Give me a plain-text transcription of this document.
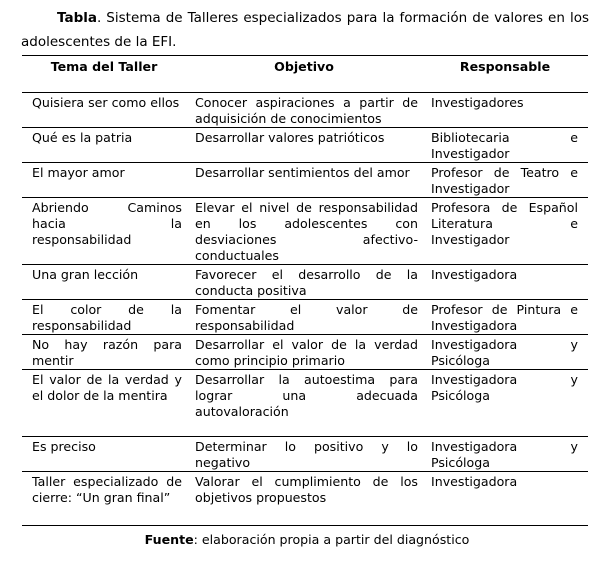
Tabla. Sistema de Talleres especializados para la formación de valores en los adolescentes de la EFI.
Tema del Taller	Objetivo	Responsable
Quisiera ser como ellos	Conocer aspiraciones a partir de adquisición de conocimientos	Investigadores
Qué es la patria	Desarrollar valores patrióticos	Bibliotecaria e Investigador
El mayor amor	Desarrollar sentimientos del amor	Profesor de Teatro e Investigador
Abriendo Caminos hacia la responsabilidad	Elevar el nivel de responsabilidad en los adolescentes con desviaciones afectivo-conductuales	Profesora de Español Literatura e Investigador
Una gran lección	Favorecer el desarrollo de la conducta positiva	Investigadora
El color de la responsabilidad	Fomentar el valor de responsabilidad	Profesor de Pintura e Investigadora
No hay razón para mentir	Desarrollar el valor de la verdad como principio primario	Investigadora y Psicóloga
El valor de la verdad y el dolor de la mentira	Desarrollar la autoestima para lograr una adecuada autovaloración	Investigadora y Psicóloga
Es preciso	Determinar lo positivo y lo negativo	Investigadora y Psicóloga
Taller especializado de cierre: “Un gran final”	Valorar el cumplimiento de los objetivos propuestos	Investigadora
Fuente: elaboración propia a partir del diagnóstico
